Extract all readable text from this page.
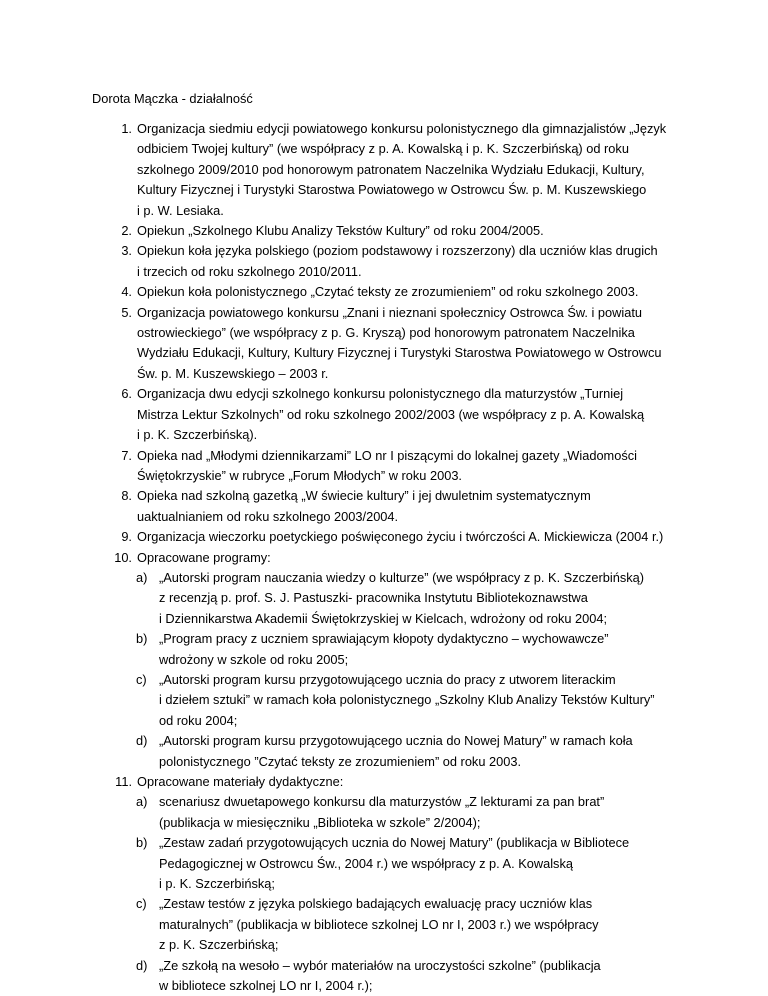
Dorota Mączka - działalność
1. Organizacja siedmiu edycji powiatowego konkursu polonistycznego dla gimnazjalistów „Język
odbiciem Twojej kultury” (we współpracy z p. A. Kowalską i p. K. Szczerbińską) od roku
szkolnego 2009/2010 pod honorowym patronatem Naczelnika Wydziału Edukacji, Kultury,
Kultury Fizycznej i Turystyki Starostwa Powiatowego w Ostrowcu Św. p. M. Kuszewskiego
i p. W. Lesiaka.
2. Opiekun „Szkolnego Klubu Analizy Tekstów Kultury” od roku 2004/2005.
3. Opiekun koła języka polskiego (poziom podstawowy i rozszerzony) dla uczniów klas drugich
i trzecich od roku szkolnego 2010/2011.
4. Opiekun koła polonistycznego „Czytać teksty ze zrozumieniem” od roku szkolnego 2003.
5. Organizacja powiatowego konkursu „Znani i nieznani społecznicy Ostrowca Św. i powiatu
ostrowieckiego” (we współpracy z p. G. Kryszą) pod honorowym patronatem Naczelnika
Wydziału Edukacji, Kultury, Kultury Fizycznej i Turystyki Starostwa Powiatowego w Ostrowcu
Św. p. M. Kuszewskiego – 2003 r.
6. Organizacja dwu edycji szkolnego konkursu polonistycznego dla maturzystów „Turniej
Mistrza Lektur Szkolnych” od roku szkolnego 2002/2003 (we współpracy z p. A. Kowalską
i p. K. Szczerbińską).
7. Opieka nad „Młodymi dziennikarzami” LO nr I piszącymi do lokalnej gazety „Wiadomości
Świętokrzyskie” w rubryce „Forum Młodych” w roku 2003.
8. Opieka nad szkolną gazetką „W świecie kultury” i jej dwuletnim systematycznym
uaktualnianiem od roku szkolnego 2003/2004.
9. Organizacja wieczorku poetyckiego poświęconego życiu i twórczości A. Mickiewicza (2004 r.)
10. Opracowane programy:
a) „Autorski program nauczania wiedzy o kulturze” (we współpracy z p. K. Szczerbińską)
z recenzją p. prof. S. J. Pastuszki- pracownika Instytutu Bibliotekoznawstwa
i Dziennikarstwa Akademii Świętokrzyskiej w Kielcach, wdrożony od roku 2004;
b) „Program pracy z uczniem sprawiającym kłopoty dydaktyczno – wychowawcze”
wdrożony w szkole od roku 2005;
c) „Autorski program kursu przygotowującego ucznia do pracy z utworem literackim
i dziełem sztuki” w ramach koła polonistycznego „Szkolny Klub Analizy Tekstów Kultury”
od roku 2004;
d) „Autorski program kursu przygotowującego ucznia do Nowej Matury” w ramach koła
polonistycznego ”Czytać teksty ze zrozumieniem” od roku 2003.
11. Opracowane materiały dydaktyczne:
a) scenariusz dwuetapowego konkursu dla maturzystów „Z lekturami za pan brat”
(publikacja w miesięczniku „Biblioteka w szkole” 2/2004);
b) „Zestaw zadań przygotowujących ucznia do Nowej Matury” (publikacja w Bibliotece
Pedagogicznej w Ostrowcu Św., 2004 r.) we współpracy z p. A. Kowalską
i p. K. Szczerbińską;
c) „Zestaw testów z języka polskiego badających ewaluację pracy uczniów klas
maturalnych” (publikacja w bibliotece szkolnej LO nr I, 2003 r.) we współpracy
z p. K. Szczerbińską;
d) „Ze szkołą na wesoło – wybór materiałów na uroczystości szkolne” (publikacja
w bibliotece szkolnej LO nr I, 2004 r.);
